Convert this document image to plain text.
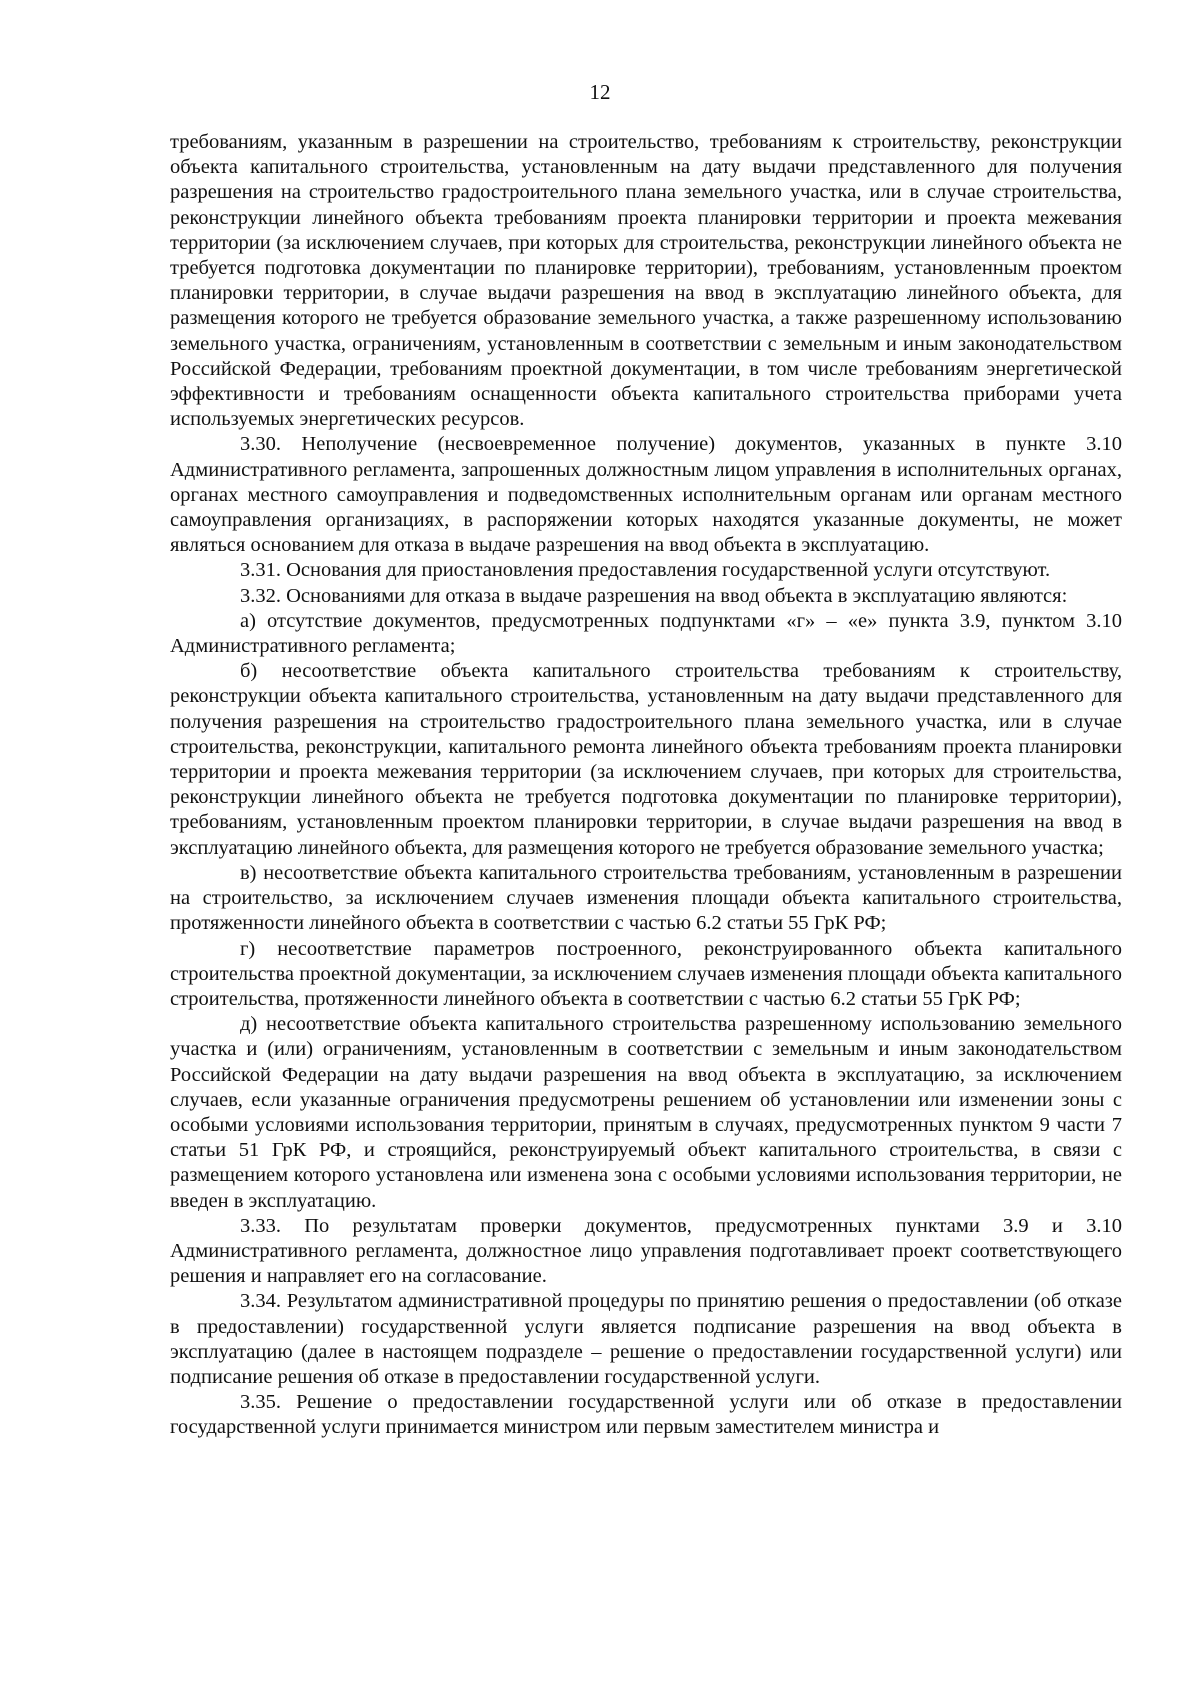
12

требованиям, указанным в разрешении на строительство, требованиям к строительству, реконструкции объекта капитального строительства, установленным на дату выдачи представленного для получения разрешения на строительство градостроительного плана земельного участка, или в случае строительства, реконструкции линейного объекта требованиям проекта планировки территории и проекта межевания территории (за исключением случаев, при которых для строительства, реконструкции линейного объекта не требуется подготовка документации по планировке территории), требованиям, установленным проектом планировки территории, в случае выдачи разрешения на ввод в эксплуатацию линейного объекта, для размещения которого не требуется образование земельного участка, а также разрешенному использованию земельного участка, ограничениям, установленным в соответствии с земельным и иным законодательством Российской Федерации, требованиям проектной документации, в том числе требованиям энергетической эффективности и требованиям оснащенности объекта капитального строительства приборами учета используемых энергетических ресурсов.

3.30. Неполучение (несвоевременное получение) документов, указанных в пункте 3.10 Административного регламента, запрошенных должностным лицом управления в исполнительных органах, органах местного самоуправления и подведомственных исполнительным органам или органам местного самоуправления организациях, в распоряжении которых находятся указанные документы, не может являться основанием для отказа в выдаче разрешения на ввод объекта в эксплуатацию.

3.31. Основания для приостановления предоставления государственной услуги отсутствуют.

3.32. Основаниями для отказа в выдаче разрешения на ввод объекта в эксплуатацию являются:

а) отсутствие документов, предусмотренных подпунктами «г» – «е» пункта 3.9, пунктом 3.10 Административного регламента;

б) несоответствие объекта капитального строительства требованиям к строительству, реконструкции объекта капитального строительства, установленным на дату выдачи представленного для получения разрешения на строительство градостроительного плана земельного участка, или в случае строительства, реконструкции, капитального ремонта линейного объекта требованиям проекта планировки территории и проекта межевания территории (за исключением случаев, при которых для строительства, реконструкции линейного объекта не требуется подготовка документации по планировке территории), требованиям, установленным проектом планировки территории, в случае выдачи разрешения на ввод в эксплуатацию линейного объекта, для размещения которого не требуется образование земельного участка;

в) несоответствие объекта капитального строительства требованиям, установленным в разрешении на строительство, за исключением случаев изменения площади объекта капитального строительства, протяженности линейного объекта в соответствии с частью 6.2 статьи 55 ГрК РФ;

г) несоответствие параметров построенного, реконструированного объекта капитального строительства проектной документации, за исключением случаев изменения площади объекта капитального строительства, протяженности линейного объекта в соответствии с частью 6.2 статьи 55 ГрК РФ;

д) несоответствие объекта капитального строительства разрешенному использованию земельного участка и (или) ограничениям, установленным в соответствии с земельным и иным законодательством Российской Федерации на дату выдачи разрешения на ввод объекта в эксплуатацию, за исключением случаев, если указанные ограничения предусмотрены решением об установлении или изменении зоны с особыми условиями использования территории, принятым в случаях, предусмотренных пунктом 9 части 7 статьи 51 ГрК РФ, и строящийся, реконструируемый объект капитального строительства, в связи с размещением которого установлена или изменена зона с особыми условиями использования территории, не введен в эксплуатацию.

3.33. По результатам проверки документов, предусмотренных пунктами 3.9 и 3.10 Административного регламента, должностное лицо управления подготавливает проект соответствующего решения и направляет его на согласование.

3.34. Результатом административной процедуры по принятию решения о предоставлении (об отказе в предоставлении) государственной услуги является подписание разрешения на ввод объекта в эксплуатацию (далее в настоящем подразделе – решение о предоставлении государственной услуги) или подписание решения об отказе в предоставлении государственной услуги.

3.35. Решение о предоставлении государственной услуги или об отказе в предоставлении государственной услуги принимается министром или первым заместителем министра и
